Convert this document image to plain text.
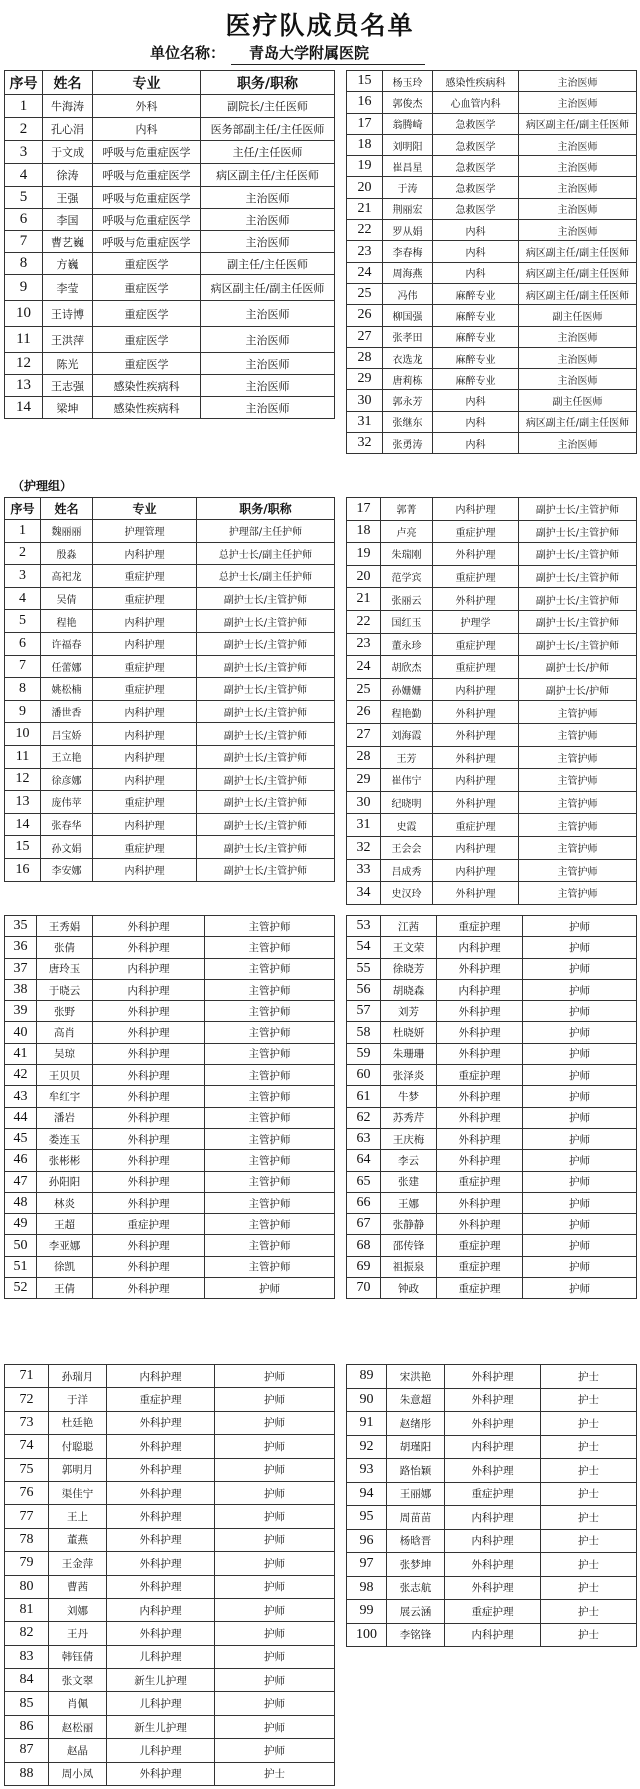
医疗队成员名单
单位名称： 青岛大学附属医院
（护理组）
序号	姓名	专业	职务/职称
1	牛海涛	外科	副院长/主任医师
2	孔心涓	内科	医务部副主任/主任医师
3	于文成	呼吸与危重症医学	主任/主任医师
4	徐涛	呼吸与危重症医学	病区副主任/主任医师
5	王强	呼吸与危重症医学	主治医师
6	李国	呼吸与危重症医学	主治医师
7	曹艺巍	呼吸与危重症医学	主治医师
8	方巍	重症医学	副主任/主任医师
9	李莹	重症医学	病区副主任/副主任医师
10	王诗博	重症医学	主治医师
11	王洪萍	重症医学	主治医师
12	陈光	重症医学	主治医师
13	王志强	感染性疾病科	主治医师
14	梁坤	感染性疾病科	主治医师
15	杨玉玲	感染性疾病科	主治医师
16	郭俊杰	心血管内科	主治医师
17	翁腾崎	急救医学	病区副主任/副主任医师
18	刘明阳	急救医学	主治医师
19	崔昌星	急救医学	主治医师
20	于涛	急救医学	主治医师
21	荆丽宏	急救医学	主治医师
22	罗从娟	内科	主治医师
23	李春梅	内科	病区副主任/副主任医师
24	周海燕	内科	病区副主任/副主任医师
25	冯伟	麻醉专业	病区副主任/副主任医师
26	柳国强	麻醉专业	副主任医师
27	张孝田	麻醉专业	主治医师
28	衣选龙	麻醉专业	主治医师
29	唐莉栋	麻醉专业	主治医师
30	郭永芳	内科	副主任医师
31	张继东	内科	病区副主任/副主任医师
32	张勇涛	内科	主治医师
序号	姓名	专业	职务/职称
1	魏丽丽	护理管理	护理部/主任护师
2	殷淼	内科护理	总护士长/副主任护师
3	高祀龙	重症护理	总护士长/副主任护师
4	吴倩	重症护理	副护士长/主管护师
5	程艳	内科护理	副护士长/主管护师
6	许福春	内科护理	副护士长/主管护师
7	任蕾娜	重症护理	副护士长/主管护师
8	姚松楠	重症护理	副护士长/主管护师
9	潘世香	内科护理	副护士长/主管护师
10	吕宝娇	内科护理	副护士长/主管护师
11	王立艳	内科护理	副护士长/主管护师
12	徐彦娜	内科护理	副护士长/主管护师
13	庞伟苹	重症护理	副护士长/主管护师
14	张春华	内科护理	副护士长/主管护师
15	孙文娟	重症护理	副护士长/主管护师
16	李安娜	内科护理	副护士长/主管护师
17	郭菁	内科护理	副护士长/主管护师
18	卢亮	重症护理	副护士长/主管护师
19	朱瑞刚	外科护理	副护士长/主管护师
20	范学宾	重症护理	副护士长/主管护师
21	张丽云	外科护理	副护士长/主管护师
22	国红玉	护理学	副护士长/主管护师
23	董永珍	重症护理	副护士长/主管护师
24	胡欣杰	重症护理	副护士长/护师
25	孙姗姗	内科护理	副护士长/护师
26	程艳勤	外科护理	主管护师
27	刘海霞	外科护理	主管护师
28	王芳	外科护理	主管护师
29	崔伟宁	内科护理	主管护师
30	纪晓明	外科护理	主管护师
31	史霞	重症护理	主管护师
32	王会会	内科护理	主管护师
33	吕成秀	内科护理	主管护师
34	史汉玲	外科护理	主管护师
35	王秀娟	外科护理	主管护师
36	张倩	外科护理	主管护师
37	唐玲玉	内科护理	主管护师
38	于晓云	内科护理	主管护师
39	张野	外科护理	主管护师
40	高肖	外科护理	主管护师
41	吴琼	外科护理	主管护师
42	王贝贝	外科护理	主管护师
43	牟红宇	外科护理	主管护师
44	潘岩	外科护理	主管护师
45	娄连玉	外科护理	主管护师
46	张彬彬	外科护理	主管护师
47	孙阳阳	外科护理	主管护师
48	林炎	外科护理	主管护师
49	王超	重症护理	主管护师
50	李亚娜	外科护理	主管护师
51	徐凯	外科护理	主管护师
52	王倩	外科护理	护师
53	江茜	重症护理	护师
54	王文荣	内科护理	护师
55	徐晓芳	外科护理	护师
56	胡晓森	内科护理	护师
57	刘芳	外科护理	护师
58	杜晓妍	外科护理	护师
59	朱珊珊	外科护理	护师
60	张泽炎	重症护理	护师
61	牛梦	外科护理	护师
62	苏秀芹	外科护理	护师
63	王庆梅	外科护理	护师
64	李云	外科护理	护师
65	张建	重症护理	护师
66	王娜	外科护理	护师
67	张静静	外科护理	护师
68	邵传锋	重症护理	护师
69	祖振泉	重症护理	护师
70	钟政	重症护理	护师
71	孙瑞月	内科护理	护师
72	于洋	重症护理	护师
73	杜廷艳	外科护理	护师
74	付聪聪	外科护理	护师
75	郭明月	外科护理	护师
76	渠佳宁	外科护理	护师
77	王上	外科护理	护师
78	董燕	外科护理	护师
79	王金萍	外科护理	护师
80	曹茜	外科护理	护师
81	刘娜	内科护理	护师
82	王丹	外科护理	护师
83	韩钰倩	儿科护理	护师
84	张文翠	新生儿护理	护师
85	肖佩	儿科护理	护师
86	赵松丽	新生儿护理	护师
87	赵晶	儿科护理	护师
88	周小凤	外科护理	护士
89	宋洪艳	外科护理	护士
90	朱意超	外科护理	护士
91	赵绪彤	外科护理	护士
92	胡瑾阳	内科护理	护士
93	路怡颖	外科护理	护士
94	王丽娜	重症护理	护士
95	周苗苗	内科护理	护士
96	杨晗晋	内科护理	护士
97	张梦坤	外科护理	护士
98	张志航	外科护理	护士
99	展云涵	重症护理	护士
100	李铭锋	内科护理	护士
